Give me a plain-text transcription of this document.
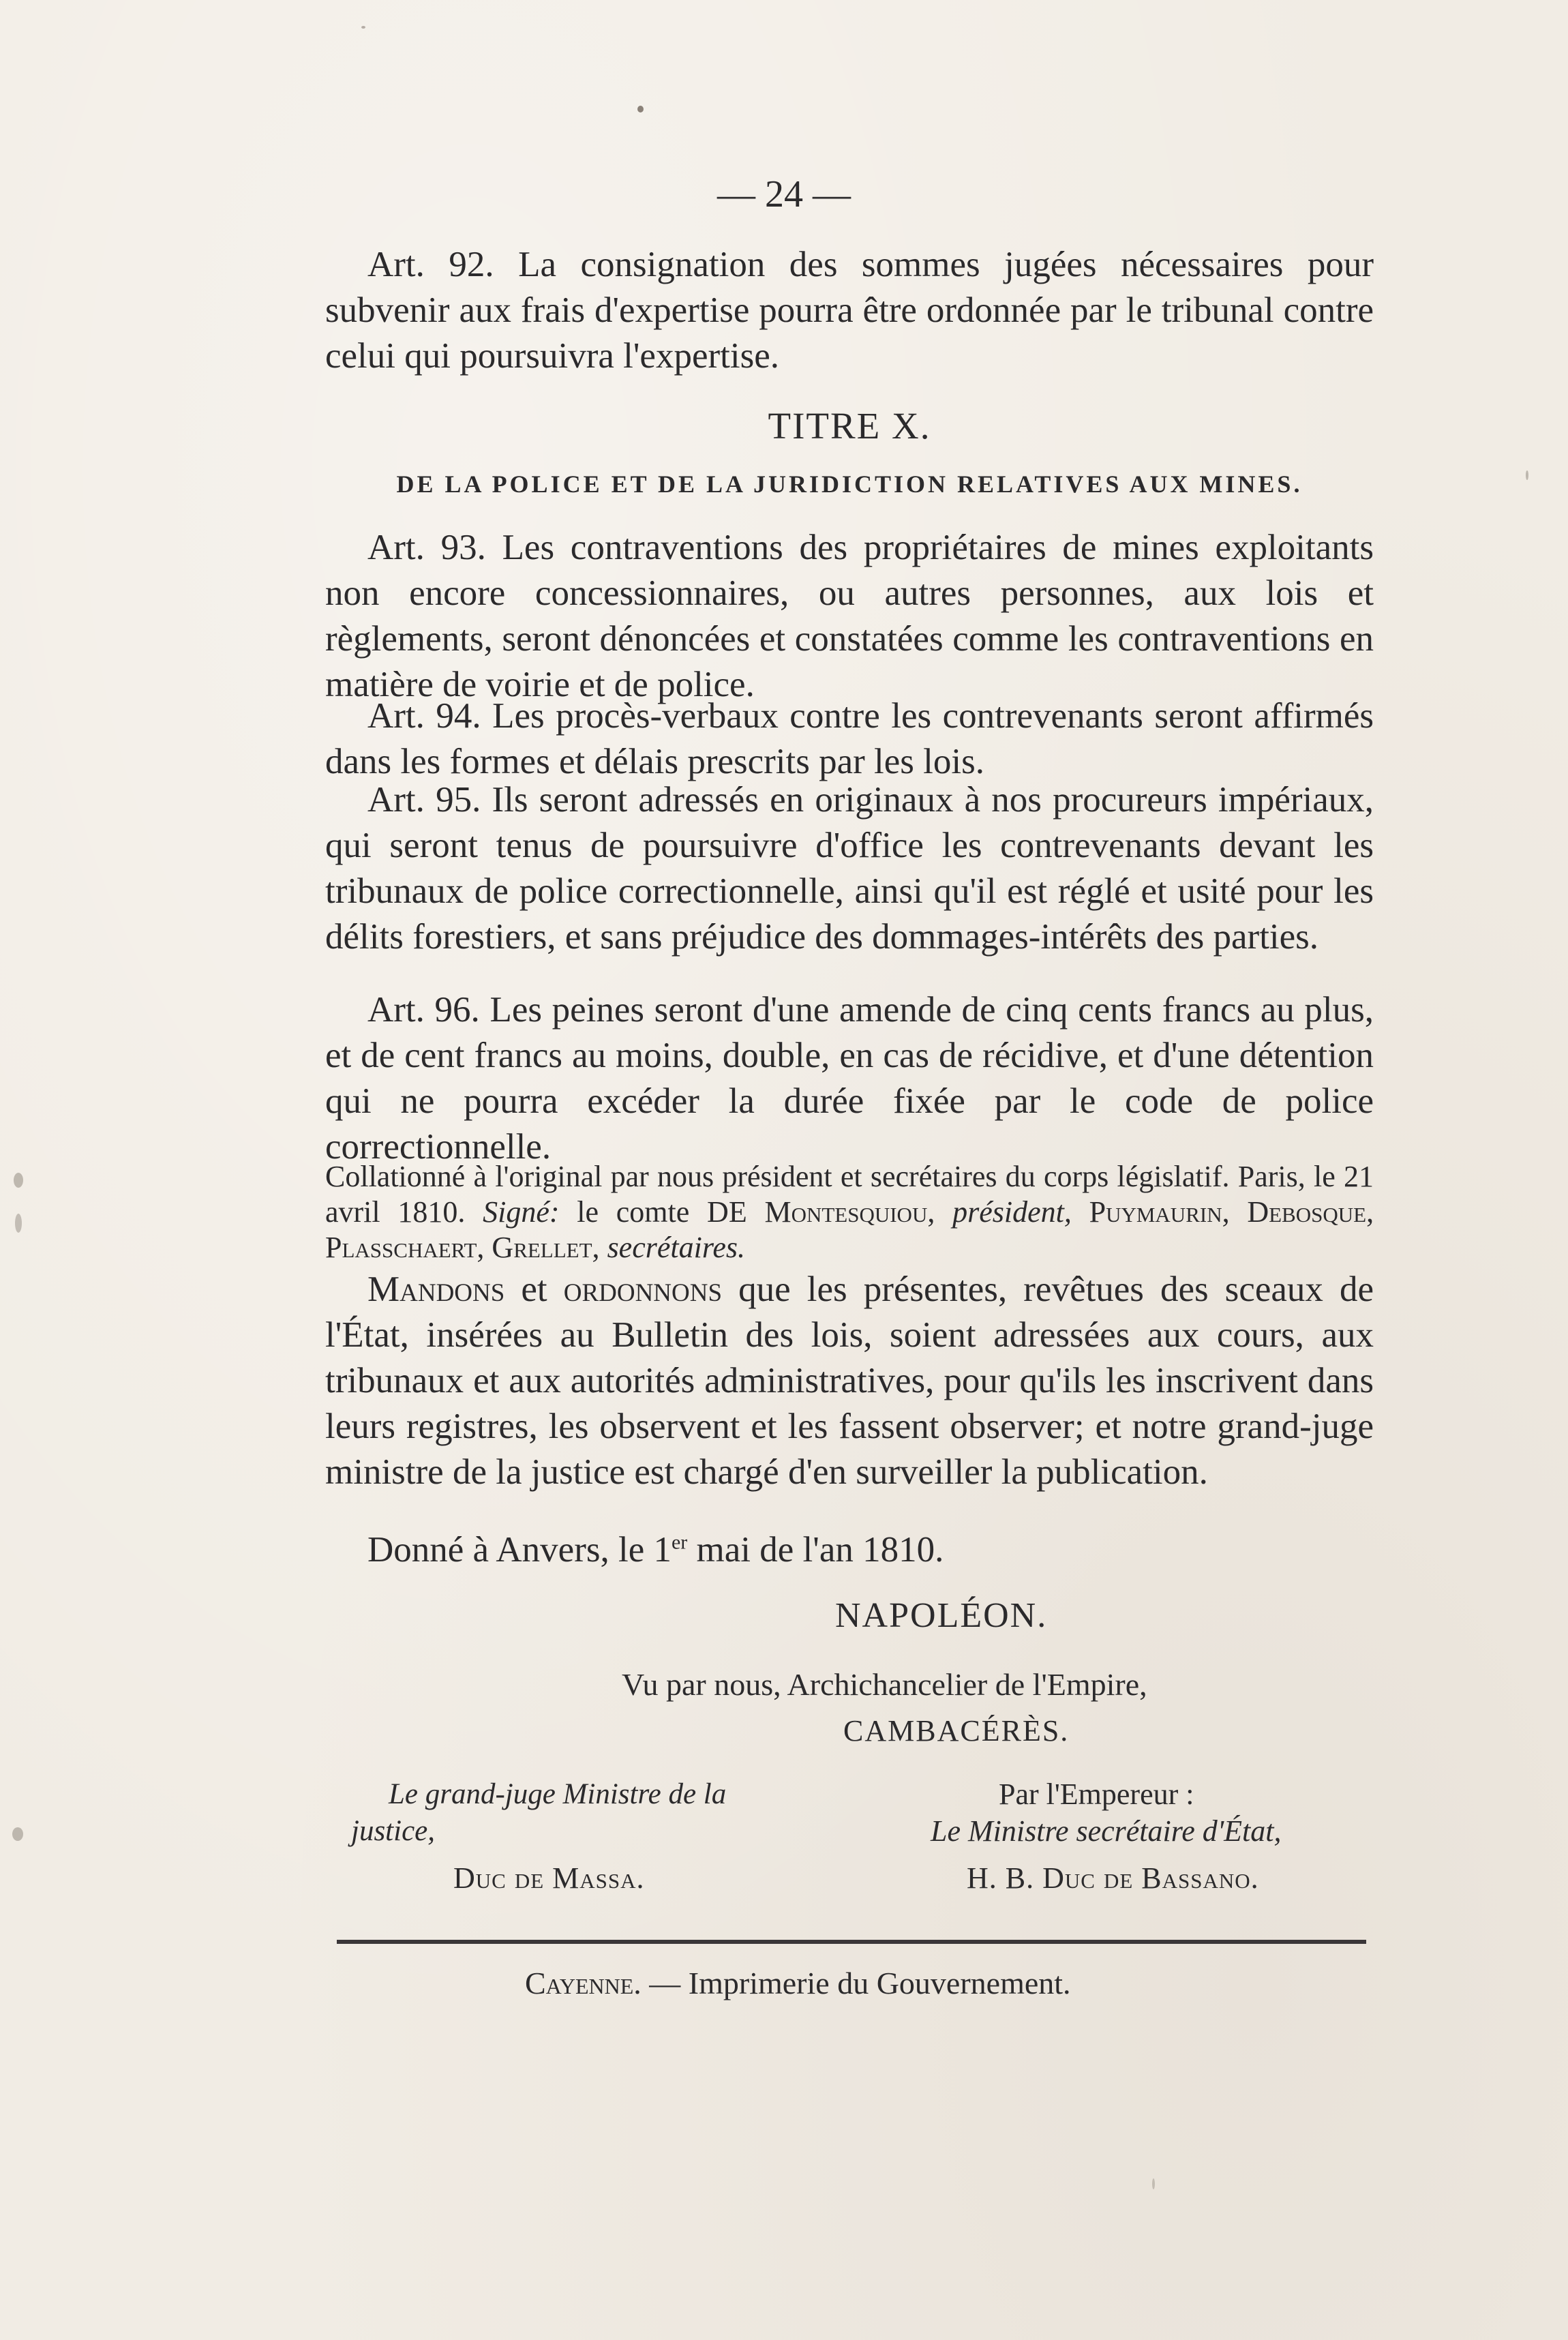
— 24 —

Art. 92. La consignation des sommes jugées nécessaires pour subvenir aux frais d'expertise pourra être ordonnée par le tribunal contre celui qui poursuivra l'expertise.

TITRE X.
DE LA POLICE ET DE LA JURIDICTION RELATIVES AUX MINES.

Art. 93. Les contraventions des propriétaires de mines exploitants non encore concessionnaires, ou autres personnes, aux lois et règlements, seront dénoncées et constatées comme les contraventions en matière de voirie et de police.

Art. 94. Les procès-verbaux contre les contrevenants seront affirmés dans les formes et délais prescrits par les lois.

Art. 95. Ils seront adressés en originaux à nos procureurs impériaux, qui seront tenus de poursuivre d'office les contrevenants devant les tribunaux de police correctionnelle, ainsi qu'il est réglé et usité pour les délits forestiers, et sans préjudice des dommages-intérêts des parties.

Art. 96. Les peines seront d'une amende de cinq cents francs au plus, et de cent francs au moins, double, en cas de récidive, et d'une détention qui ne pourra excéder la durée fixée par le code de police correctionnelle.

Collationné à l'original par nous président et secrétaires du corps législatif. Paris, le 21 avril 1810. Signé: le comte DE Montesquiou, président, Puymaurin, Debosque, Plasschaert, Grellet, secrétaires.

Mandons et ordonnons que les présentes, revêtues des sceaux de l'État, insérées au Bulletin des lois, soient adressées aux cours, aux tribunaux et aux autorités administratives, pour qu'ils les inscrivent dans leurs registres, les observent et les fassent observer; et notre grand-juge ministre de la justice est chargé d'en surveiller la publication.

Donné à Anvers, le 1er mai de l'an 1810.

NAPOLÉON.
Vu par nous, Archichancelier de l'Empire,
CAMBACÉRÈS.
Le grand-juge Ministre de la
justice,
Duc de Massa.
Par l'Empereur :
Le Ministre secrétaire d'État,
H. B. Duc de Bassano.
Cayenne. — Imprimerie du Gouvernement.
